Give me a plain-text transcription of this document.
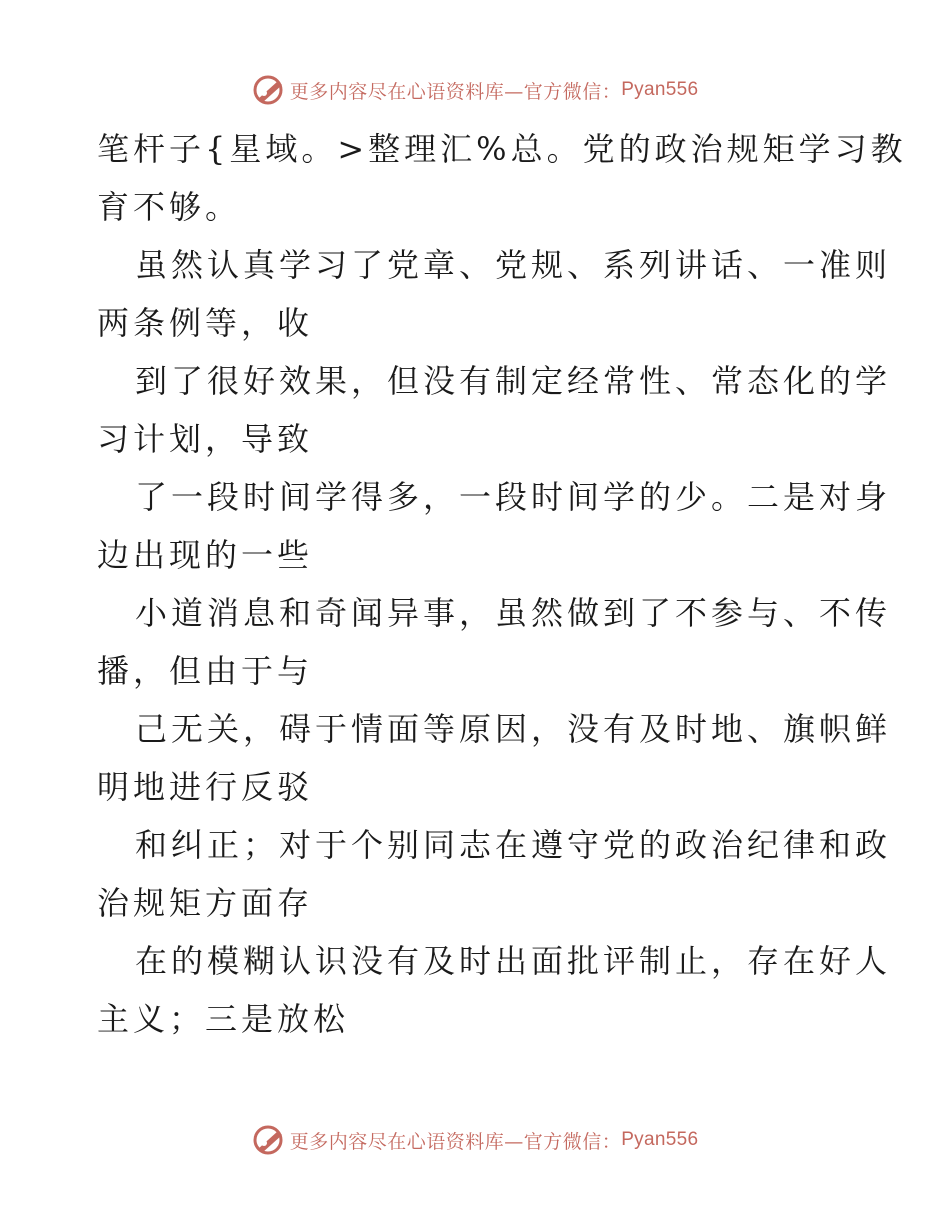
更多内容尽在心语资料库—官方微信： Pyan556
笔杆子{星域。>整理汇%总。党的政治规矩学习教
育不够。
虽然认真学习了党章、党规、系列讲话、一准则
两条例等，收
到了很好效果，但没有制定经常性、常态化的学
习计划，导致
了一段时间学得多，一段时间学的少。二是对身
边出现的一些
小道消息和奇闻异事，虽然做到了不参与、不传
播，但由于与
己无关，碍于情面等原因，没有及时地、旗帜鲜
明地进行反驳
和纠正；对于个别同志在遵守党的政治纪律和政
治规矩方面存
在的模糊认识没有及时出面批评制止，存在好人
主义；三是放松
更多内容尽在心语资料库—官方微信： Pyan556
